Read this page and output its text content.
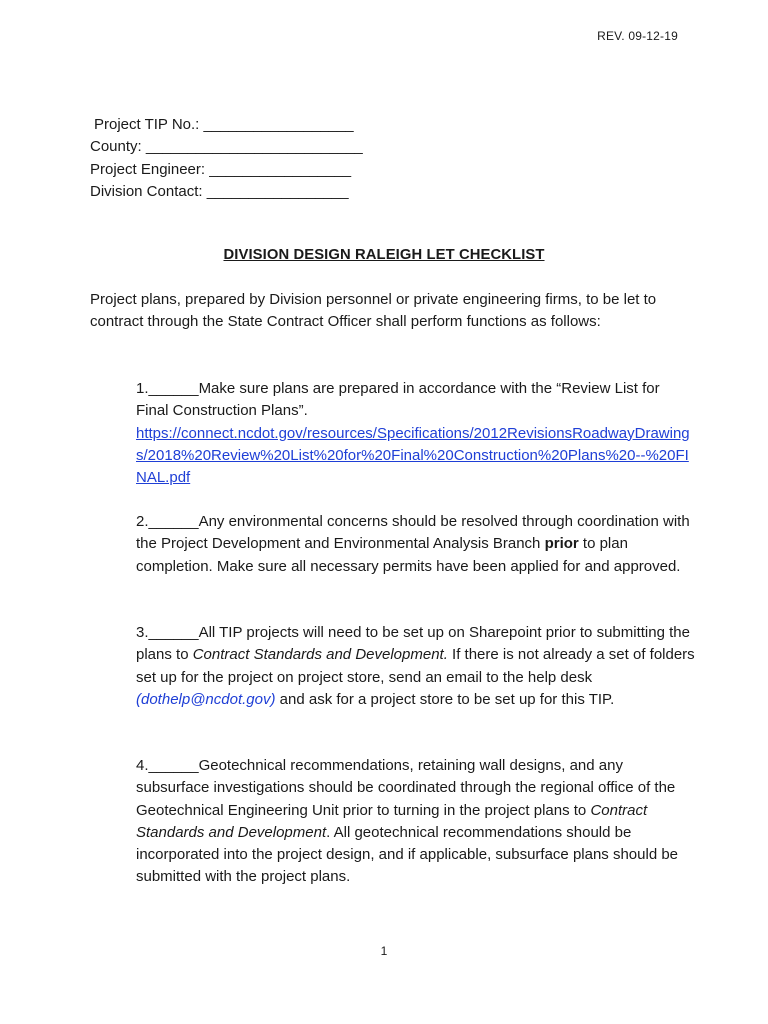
REV. 09-12-19
Project TIP No.: __________________
County: __________________________
Project Engineer: _________________
Division Contact: _________________
DIVISION DESIGN RALEIGH LET CHECKLIST
Project plans, prepared by Division personnel or private engineering firms, to be let to contract through the State Contract Officer shall perform functions as follows:
1.______Make sure plans are prepared in accordance with the “Review List for Final Construction Plans”.
https://connect.ncdot.gov/resources/Specifications/2012RevisionsRoadwayDrawings/2018%20Review%20List%20for%20Final%20Construction%20Plans%20--%20FINAL.pdf
2.______Any environmental concerns should be resolved through coordination with the Project Development and Environmental Analysis Branch prior to plan completion. Make sure all necessary permits have been applied for and approved.
3.______All TIP projects will need to be set up on Sharepoint prior to submitting the plans to Contract Standards and Development. If there is not already a set of folders set up for the project on project store, send an email to the help desk (dothelp@ncdot.gov) and ask for a project store to be set up for this TIP.
4.______Geotechnical recommendations, retaining wall designs, and any subsurface investigations should be coordinated through the regional office of the Geotechnical Engineering Unit prior to turning in the project plans to Contract Standards and Development. All geotechnical recommendations should be incorporated into the project design, and if applicable, subsurface plans should be submitted with the project plans.
1
